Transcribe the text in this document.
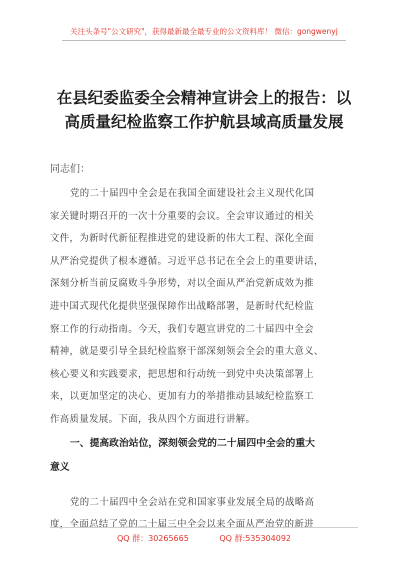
关注头条号"公文研究"，获得最新最全最专业的公文资料库！ 微信：gongwenyj
在县纪委监委全会精神宣讲会上的报告：以
高质量纪检监察工作护航县域高质量发展
同志们：
党的二十届四中全会是在我国全面建设社会主义现代化国
家关键时期召开的一次十分重要的会议。全会审议通过的相关
文件，为新时代新征程推进党的建设新的伟大工程、深化全面
从严治党提供了根本遵循。习近平总书记在全会上的重要讲话，
深刻分析当前反腐败斗争形势，对以全面从严治党新成效为推
进中国式现代化提供坚强保障作出战略部署，是新时代纪检监
察工作的行动指南。今天，我们专题宣讲党的二十届四中全会
精神，就是要引导全县纪检监察干部深刻领会全会的重大意义、
核心要义和实践要求，把思想和行动统一到党中央决策部署上
来，以更加坚定的决心、更加有力的举措推动县域纪检监察工
作高质量发展。下面，我从四个方面进行讲解。
一、提高政治站位，深刻领会党的二十届四中全会的重大
意义
党的二十届四中全会站在党和国家事业发展全局的战略高
度，全面总结了党的二十届三中全会以来全面从严治党的新进
QQ 群：30265665	QQ 群:535304092
